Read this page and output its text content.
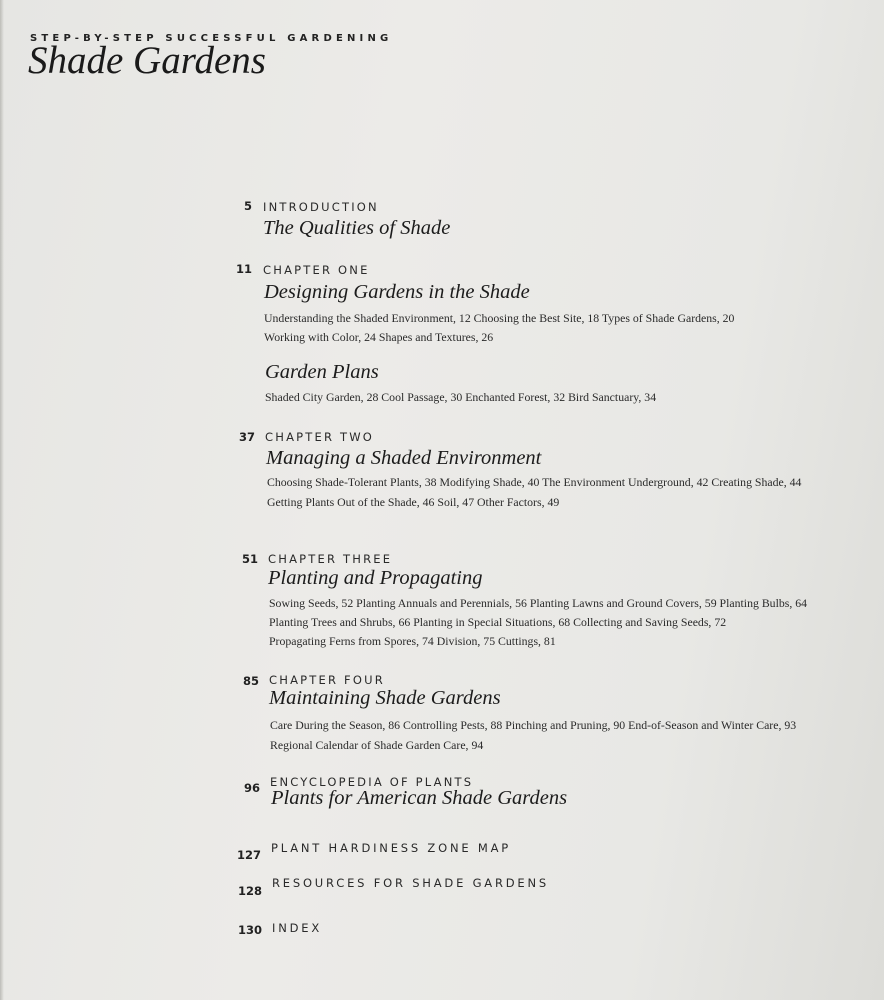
STEP-BY-STEP SUCCESSFUL GARDENING
Shade Gardens
5 INTRODUCTION
The Qualities of Shade
11 CHAPTER ONE
Designing Gardens in the Shade
Understanding the Shaded Environment, 12 Choosing the Best Site, 18 Types of Shade Gardens, 20
Working with Color, 24 Shapes and Textures, 26
Garden Plans
Shaded City Garden, 28 Cool Passage, 30 Enchanted Forest, 32 Bird Sanctuary, 34
37 CHAPTER TWO
Managing a Shaded Environment
Choosing Shade-Tolerant Plants, 38 Modifying Shade, 40 The Environment Underground, 42 Creating Shade, 44
Getting Plants Out of the Shade, 46 Soil, 47 Other Factors, 49
51 CHAPTER THREE
Planting and Propagating
Sowing Seeds, 52 Planting Annuals and Perennials, 56 Planting Lawns and Ground Covers, 59 Planting Bulbs, 64
Planting Trees and Shrubs, 66 Planting in Special Situations, 68 Collecting and Saving Seeds, 72
Propagating Ferns from Spores, 74 Division, 75 Cuttings, 81
85 CHAPTER FOUR
Maintaining Shade Gardens
Care During the Season, 86 Controlling Pests, 88 Pinching and Pruning, 90 End-of-Season and Winter Care, 93
Regional Calendar of Shade Garden Care, 94
96 ENCYCLOPEDIA OF PLANTS
Plants for American Shade Gardens
127 PLANT HARDINESS ZONE MAP
128
RESOURCES FOR SHADE GARDENS
130 INDEX
